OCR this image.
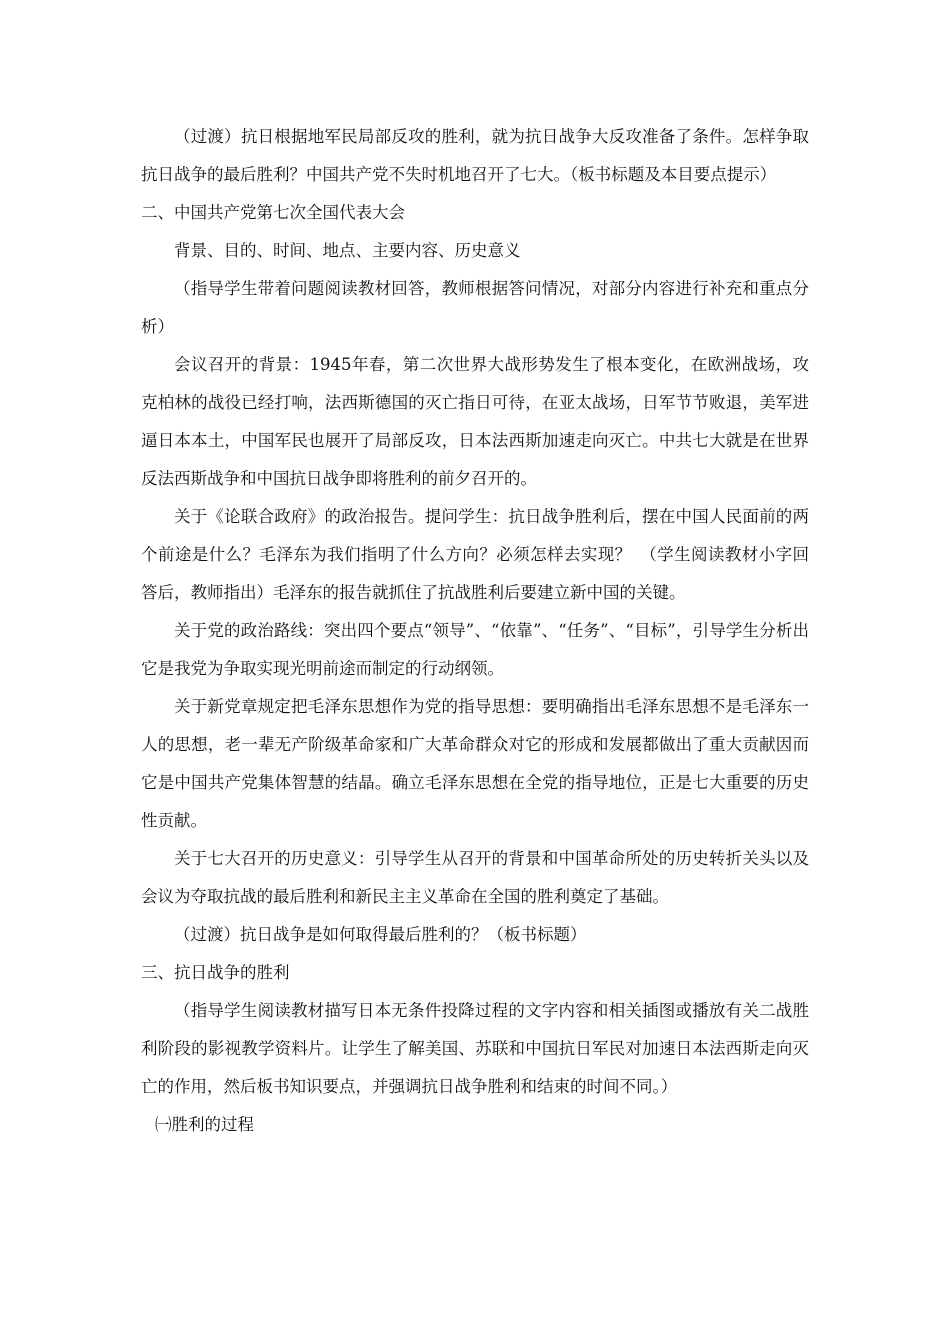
（过渡）抗日根据地军民局部反攻的胜利，就为抗日战争大反攻准备了条件。怎样争取抗日战争的最后胜利？中国共产党不失时机地召开了七大。（板书标题及本目要点提示）

二、中国共产党第七次全国代表大会

背景、目的、时间、地点、主要内容、历史意义

（指导学生带着问题阅读教材回答，教师根据答问情况，对部分内容进行补充和重点分析）

会议召开的背景：1945年春，第二次世界大战形势发生了根本变化，在欧洲战场，攻克柏林的战役已经打响，法西斯德国的灭亡指日可待，在亚太战场，日军节节败退，美军进逼日本本土，中国军民也展开了局部反攻，日本法西斯加速走向灭亡。中共七大就是在世界反法西斯战争和中国抗日战争即将胜利的前夕召开的。

关于《论联合政府》的政治报告。提问学生：抗日战争胜利后，摆在中国人民面前的两个前途是什么？毛泽东为我们指明了什么方向？必须怎样去实现？　（学生阅读教材小字回答后，教师指出）毛泽东的报告就抓住了抗战胜利后要建立新中国的关键。

关于党的政治路线：突出四个要点“领导”、“依靠”、“任务”、“目标”，引导学生分析出它是我党为争取实现光明前途而制定的行动纲领。

关于新党章规定把毛泽东思想作为党的指导思想：要明确指出毛泽东思想不是毛泽东一人的思想，老一辈无产阶级革命家和广大革命群众对它的形成和发展都做出了重大贡献因而它是中国共产党集体智慧的结晶。确立毛泽东思想在全党的指导地位，正是七大重要的历史性贡献。

关于七大召开的历史意义：引导学生从召开的背景和中国革命所处的历史转折关头以及会议为夺取抗战的最后胜利和新民主主义革命在全国的胜利奠定了基础。

（过渡）抗日战争是如何取得最后胜利的？（板书标题）

三、抗日战争的胜利

（指导学生阅读教材描写日本无条件投降过程的文字内容和相关插图或播放有关二战胜利阶段的影视教学资料片。让学生了解美国、苏联和中国抗日军民对加速日本法西斯走向灭亡的作用，然后板书知识要点，并强调抗日战争胜利和结束的时间不同。）

㈠胜利的过程
